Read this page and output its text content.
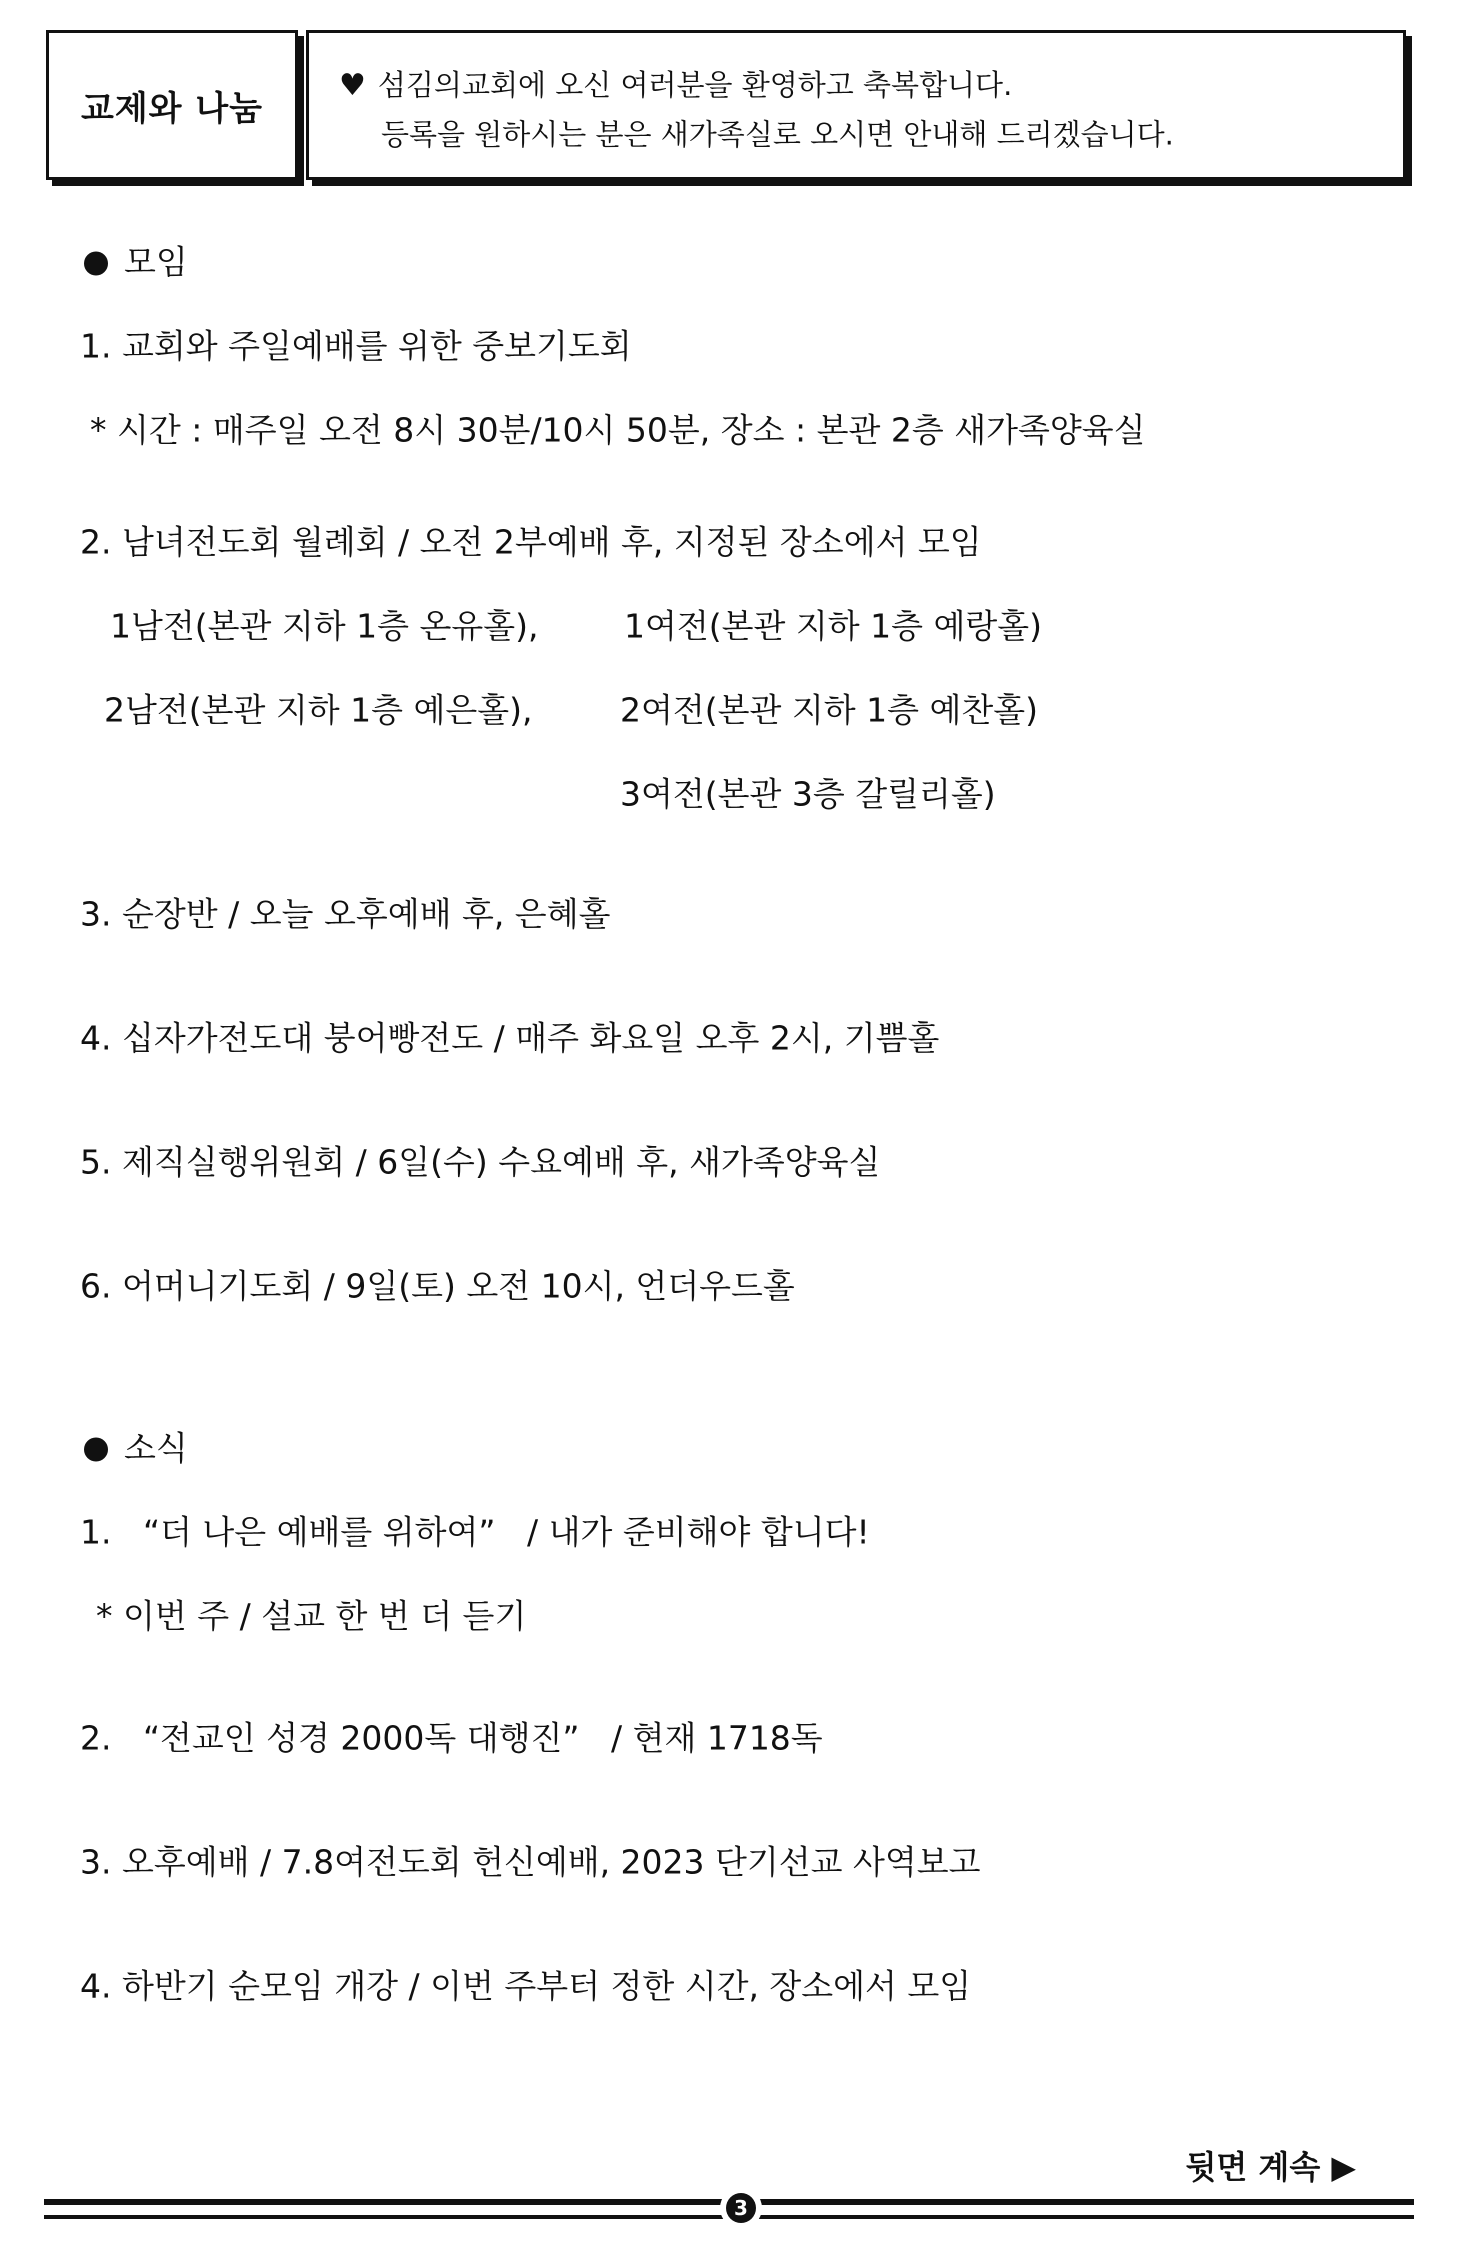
교제와 나눔
♥ 섬김의교회에 오신 여러분을 환영하고 축복합니다.
등록을 원하시는 분은 새가족실로 오시면 안내해 드리겠습니다.
모임
1. 교회와 주일예배를 위한 중보기도회
* 시간 : 매주일 오전 8시 30분/10시 50분, 장소 : 본관 2층 새가족양육실
2. 남녀전도회 월례회 / 오전 2부예배 후, 지정된 장소에서 모임
1남전(본관 지하 1층 온유홀),	1여전(본관 지하 1층 예랑홀)
2남전(본관 지하 1층 예은홀),	2여전(본관 지하 1층 예찬홀)
3여전(본관 3층 갈릴리홀)
3. 순장반 / 오늘 오후예배 후, 은혜홀
4. 십자가전도대 붕어빵전도 / 매주 화요일 오후 2시, 기쁨홀
5. 제직실행위원회 / 6일(수) 수요예배 후, 새가족양육실
6. 어머니기도회 / 9일(토) 오전 10시, 언더우드홀
소식
1.   “더 나은 예배를 위하여”   / 내가 준비해야 합니다!
* 이번 주 / 설교 한 번 더 듣기
2.   “전교인 성경 2000독 대행진”   / 현재 1718독
3. 오후예배 / 7.8여전도회 헌신예배, 2023 단기선교 사역보고
4. 하반기 순모임 개강 / 이번 주부터 정한 시간, 장소에서 모임
뒷면 계속 ▶
3
